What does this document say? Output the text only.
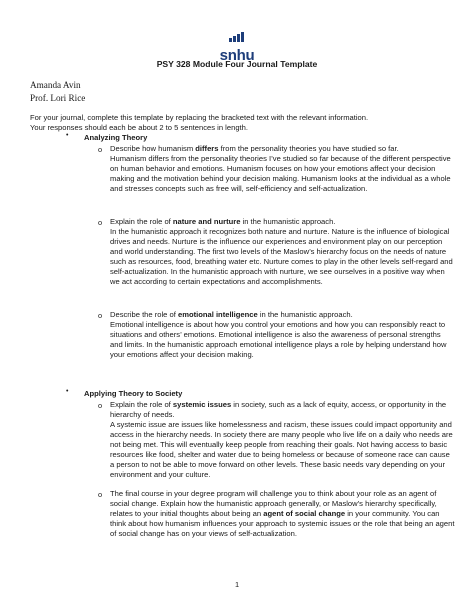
snhu
PSY 328 Module Four Journal Template
Amanda Avin
Prof. Lori Rice

For your journal, complete this template by replacing the bracketed text with the relevant information.

Your responses should each be about 2 to 5 sentences in length.

• Analyzing Theory
o Describe how humanism differs from the personality theories you have studied so far.

Humanism differs from the personality theories I’ve studied so far because of the different perspective on human behavior and emotions. Humanism focuses on how your emotions affect your decision making and the motivation behind your decision making. Humanism looks at the individual as a whole and stresses concepts such as free will, self-efficiency and self-actualization.

o Explain the role of nature and nurture in the humanistic approach.

In the humanistic approach it recognizes both nature and nurture. Nature is the influence of biological drives and needs. Nurture is the influence our experiences and environment play on our perception and world understanding. The first two levels of the Maslow’s hierarchy focus on the needs of nature such as resources, food, breathing water etc. Nurture comes to play in the other levels self-regard and self-actualization. In the humanistic approach with nurture, we see ourselves in a positive way when we act according to certain expectations and accomplishments.

o Describe the role of emotional intelligence in the humanistic approach.

Emotional intelligence is about how you control your emotions and how you can responsibly react to situations and others’ emotions. Emotional intelligence is also the awareness of personal strengths and limits. In the humanistic approach emotional intelligence plays a role by helping understand how your emotions affect your decision making.

• Applying Theory to Society
o Explain the role of systemic issues in society, such as a lack of equity, access, or opportunity in the hierarchy of needs.

A systemic issue are issues like homelessness and racism, these issues could impact opportunity and access in the hierarchy needs. In society there are many people who live life on a daily who needs are not being met. This will eventually keep people from reaching their goals. Not having access to basic resources like food, shelter and water due to being homeless or because of someone race can cause a person to not be able to move forward on other levels. These basic needs vary depending on your environment and your culture.

o The final course in your degree program will challenge you to think about your role as an agent of social change. Explain how the humanistic approach generally, or Maslow’s hierarchy specifically, relates to your initial thoughts about being an agent of social change in your community. You can think about how humanism influences your approach to systemic issues or the role that being an agent of social change has on your views of self-actualization.

1
